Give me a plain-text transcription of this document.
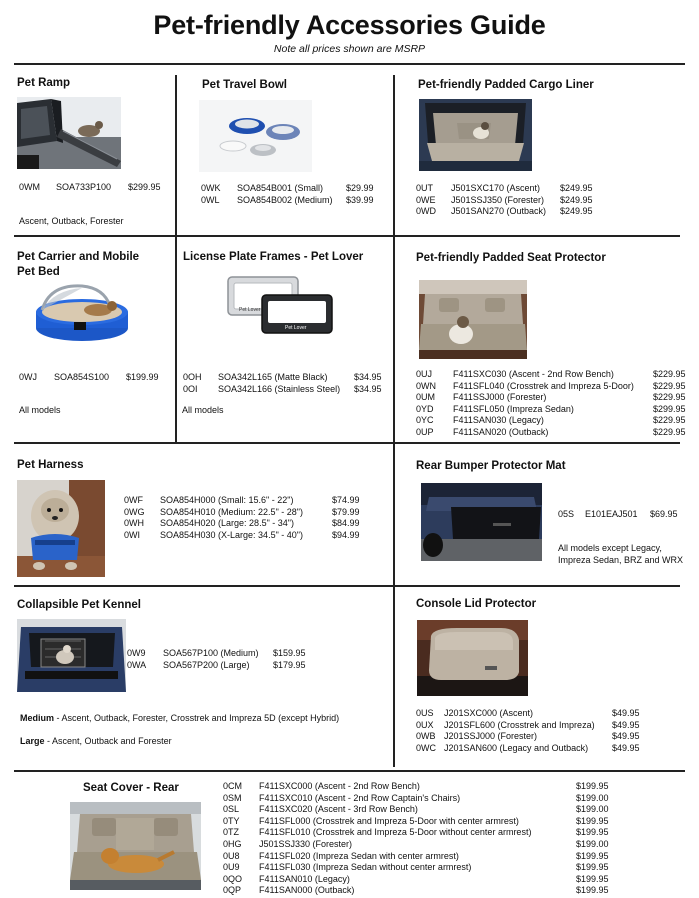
Pet-friendly Accessories Guide
Note all prices shown are MSRP
Pet Ramp
0WM SOA733P100 $299.95
Ascent, Outback, Forester
Pet Travel Bowl
0WK SOA854B001 (Small)	$29.99
0WL SOA854B002 (Medium) $39.99
Pet-friendly Padded Cargo Liner
0UT J501SXC170 (Ascent) $249.95
0WE J501SSJ350 (Forester) $249.95
0WD J501SAN270 (Outback) $249.95
Pet Carrier and Mobile
Pet Bed
0WJ SOA854S100 $199.99
All models
License Plate Frames - Pet Lover
Pet Lover
Pet Lover
0OH SOA342L165 (Matte Black)	$34.95
0OI SOA342L166 (Stainless Steel) $34.95
All models
Pet-friendly Padded Seat Protector
0UJ F411SXC030 (Ascent - 2nd Row Bench)	$229.95
0WN F411SFL040 (Crosstrek and Impreza 5-Door) $229.95
0UM F411SSJ000 (Forester)	$229.95
0YD F411SFL050 (Impreza Sedan)	$299.95
0YC F411SAN030 (Legacy)	$229.95
0UP F411SAN020 (Outback)	$229.95
Pet Harness
0WF SOA854H000 (Small: 15.6" - 22")	$74.99
0WG SOA854H010 (Medium: 22.5" - 28")	$79.99
0WH SOA854H020 (Large: 28.5" - 34")	$84.99
0WI SOA854H030 (X-Large: 34.5" - 40")	$94.99
Rear Bumper Protector Mat
05S E101EAJ501 $69.95
All models except Legacy,
Impreza Sedan, BRZ and WRX
Collapsible Pet Kennel
0W9 SOA567P100 (Medium) $159.95
0WA SOA567P200 (Large)	$179.95
Medium - Ascent, Outback, Forester, Crosstrek and Impreza 5D (except Hybrid)
Large - Ascent, Outback and Forester
Console Lid Protector
0US J201SXC000 (Ascent)	$49.95
0UX J201SFL600 (Crosstrek and Impreza) $49.95
0WB J201SSJ000 (Forester)	$49.95
0WC J201SAN600 (Legacy and Outback)	$49.95
Seat Cover - Rear	0CM F411SXC000 (Ascent - 2nd Row Bench)	$199.95
0SM F411SXC010 (Ascent - 2nd Row Captain's Chairs)	$199.00
0SL F411SXC020 (Ascent - 3rd Row Bench)	$199.00
0TY F411SFL000 (Crosstrek and Impreza 5-Door with center armrest)	$199.95
0TZ F411SFL010 (Crosstrek and Impreza 5-Door without center armrest)	$199.95
0HG J501SSJ330 (Forester)	$199.00
0U8 F411SFL020 (Impreza Sedan with center armrest)	$199.95
0U9 F411SFL030 (Impreza Sedan without center armrest)	$199.95
0QO F411SAN010 (Legacy)	$199.95
0QP F411SAN000 (Outback)	$199.95
